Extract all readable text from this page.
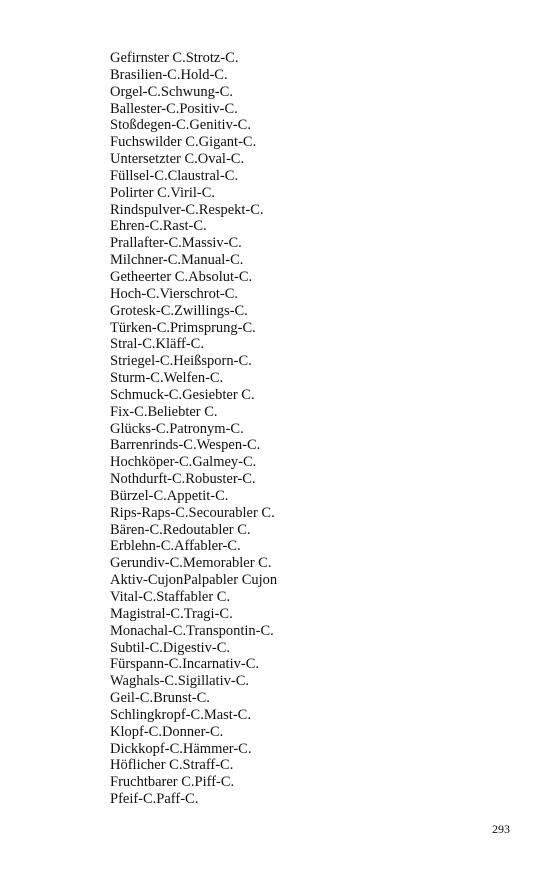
Gefirnster C.Strotz-C.
Brasilien-C.Hold-C.
Orgel-C.Schwung-C.
Ballester-C.Positiv-C.
Stoßdegen-C.Genitiv-C.
Fuchswilder C.Gigant-C.
Untersetzter C.Oval-C.
Füllsel-C.Claustral-C.
Polirter C.Viril-C.
Rindspulver-C.Respekt-C.
Ehren-C.Rast-C.
Prallafter-C.Massiv-C.
Milchner-C.Manual-C.
Getheerter C.Absolut-C.
Hoch-C.Vierschrot-C.
Grotesk-C.Zwillings-C.
Türken-C.Primsprung-C.
Stral-C.Kläff-C.
Striegel-C.Heißsporn-C.
Sturm-C.Welfen-C.
Schmuck-C.Gesiebter C.
Fix-C.Beliebter C.
Glücks-C.Patronym-C.
Barrenrinds-C.Wespen-C.
Hochköper-C.Galmey-C.
Nothdurft-C.Robuster-C.
Bürzel-C.Appetit-C.
Rips-Raps-C.Secourabler C.
Bären-C.Redoutabler C.
Erblehn-C.Affabler-C.
Gerundiv-C.Memorabler C.
Aktiv-CujonPalpabler Cujon
Vital-C.Staffabler C.
Magistral-C.Tragi-C.
Monachal-C.Transpontin-C.
Subtil-C.Digestiv-C.
Fürspann-C.Incarnativ-C.
Waghals-C.Sigillativ-C.
Geil-C.Brunst-C.
Schlingkropf-C.Mast-C.
Klopf-C.Donner-C.
Dickkopf-C.Hämmer-C.
Höflicher C.Straff-C.
Fruchtbarer C.Piff-C.
Pfeif-C.Paff-C.
293
